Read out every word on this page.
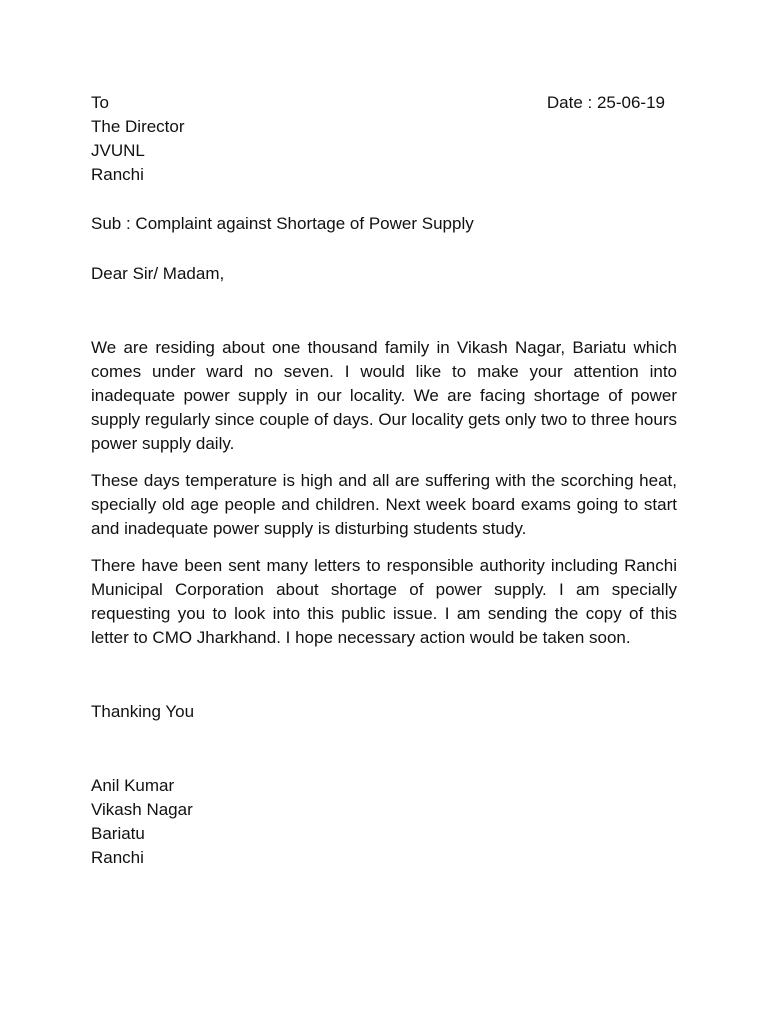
To	Date : 25-06-19
The Director
JVUNL
Ranchi
Sub : Complaint against Shortage of Power Supply
Dear Sir/ Madam,
We are residing about one thousand family in Vikash Nagar, Bariatu which comes under ward no seven. I would like to make your attention into inadequate power supply in our locality. We are facing shortage of power supply regularly since couple of days. Our locality gets only two to three hours power supply daily.
These days temperature is high and all are suffering with the scorching heat, specially old age people and children. Next week board exams going to start and inadequate power supply is disturbing students study.
There have been sent many letters to responsible authority including Ranchi Municipal Corporation about shortage of power supply. I am specially requesting you to look into this public issue. I am sending the copy of this letter to CMO Jharkhand. I hope necessary action would be taken soon.
Thanking You
Anil Kumar
Vikash Nagar
Bariatu
Ranchi
